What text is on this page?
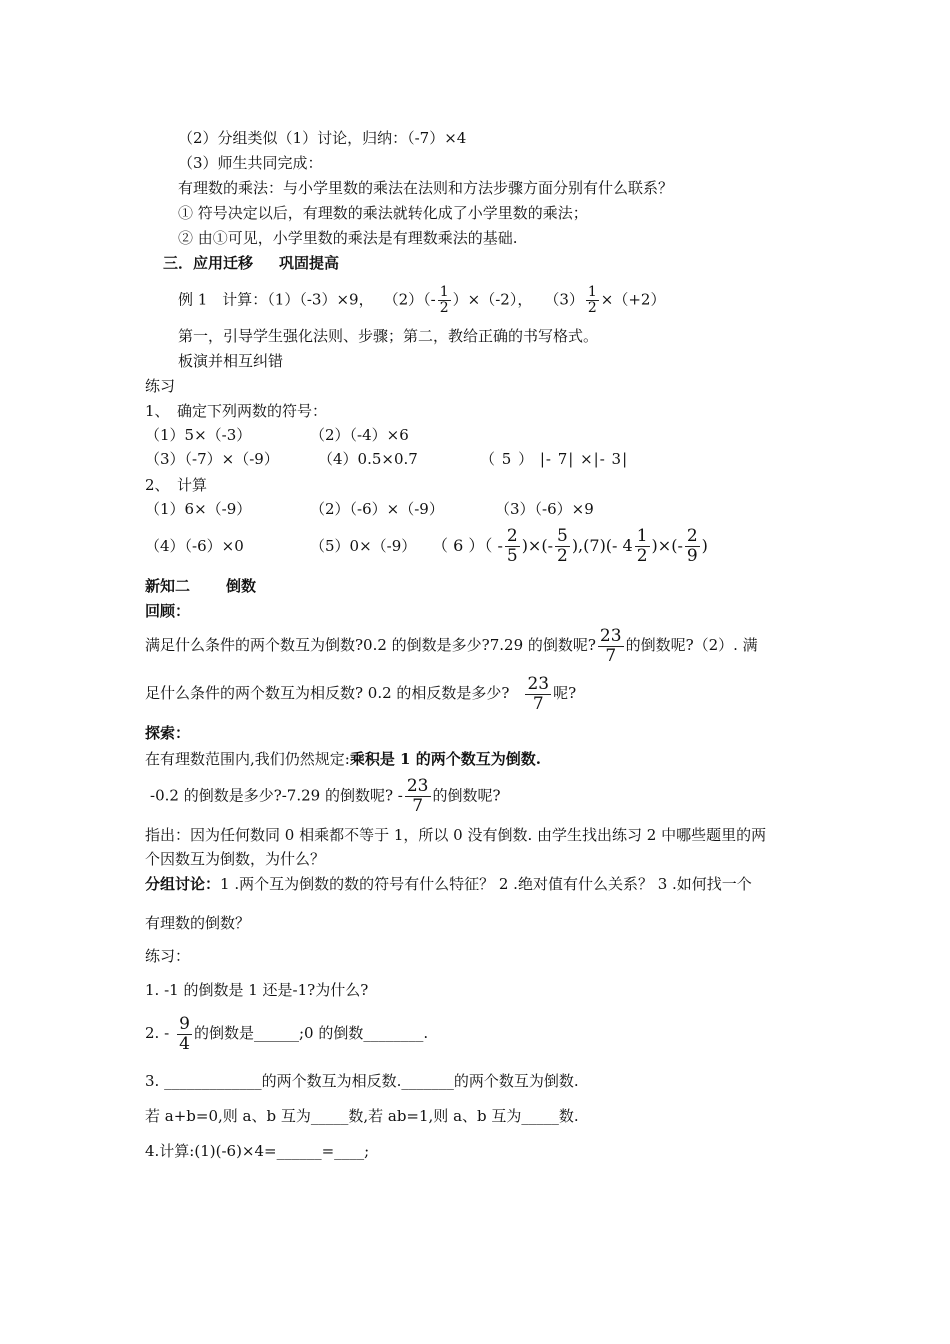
（2）分组类似（1）讨论，归纳：（-7）×4
（3）师生共同完成：
有理数的乘法：与小学里数的乘法在法则和方法步骤方面分别有什么联系？
① 符号决定以后，有理数的乘法就转化成了小学里数的乘法；
② 由①可见，小学里数的乘法是有理数乘法的基础.
三．应用迁移 巩固提高
例 1　计算：（1）（-3）×9， $(2)(- \frac{1}{2} )\times(-2)$， $(3) \frac{1}{2} \times(+2)$
第一，引导学生强化法则、步骤；第二，教给正确的书写格式。
板演并相互纠错
练习
1、　确定下列两数的符号：
（1）5×（-3）	（2）（-4）×6
（3）（-7）×（-9）	（4）0.5×0.7	（ 5 ） |- 7| ×|- 3|
2、　计算
（1）6×（-9）	（2）（-6）×（-9）	（3）（-6）×9
（4）（-6）×0	（5）0×（-9） （ 6 ）（ - $\frac{2}{5}$ )×(- $\frac{5}{2} ),(7)(-$ $4 \frac{1}{2}$ )×(- $\frac{2}{9}$ )
新知二 倒数
回顾：
满足什么条件的两个数互为倒数?0.2 的倒数是多少?7.29 的倒数呢? $\frac{23}{7}$ 的倒数呢?（2）. 满
足什么条件的两个数互为相反数? 0.2 的相反数是多少? $\frac{23}{7}$ 呢?
探索：
在有理数范围内,我们仍然规定:乘积是 1 的两个数互为倒数.
-0.2 的倒数是多少?-7.29 的倒数呢? - $\frac{23}{7}$ 的倒数呢?
指出：因为任何数同 0 相乘都不等于 1，所以 0 没有倒数. 由学生找出练习 2 中哪些题里的两
个因数互为倒数，为什么？
分组讨论：1 .两个互为倒数的数的符号有什么特征？ 2 .绝对值有什么关系？ 3 .如何找一个
有理数的倒数？
练习：
1. -1 的倒数是 1 还是-1?为什么?
2. - $\frac{9}{4}$ 的倒数是______;0 的倒数________.
3. _____________的两个数互为相反数._______的两个数互为倒数.
若 a+b=0,则 a、b 互为_____数,若 ab=1,则 a、b 互为_____数.
4.计算:(1)(-6)×4=______=____;
